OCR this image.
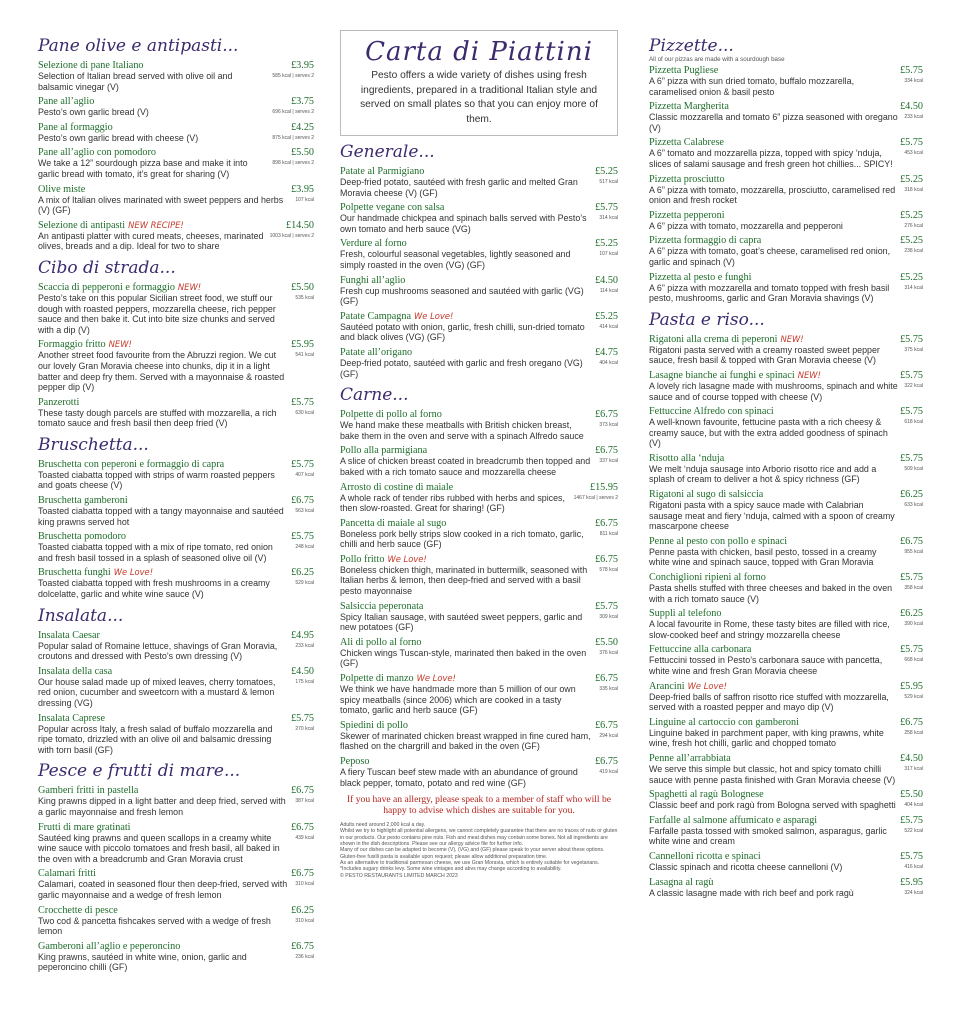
Pane olive e antipasti...
Selezione di pane Italiano	£3.95
Selection of Italian bread served with olive oil and balsamic vinegar (V)
585 kcal | serves 2
Pane all’aglio	£3.75
Pesto’s own garlic bread (V)	696 kcal | serves 2
Pane al formaggio	£4.25
Pesto’s own garlic bread with cheese (V)	875 kcal | serves 2
Pane all’aglio con pomodoro	£5.50
We take a 12” sourdough pizza base and make it into garlic bread with tomato, it’s great for sharing (V)
898 kcal | serves 2
Olive miste	£3.95
A mix of Italian olives marinated with sweet peppers and herbs (V) (GF)
107 kcal
Selezione di antipasti NEW RECIPE!	£14.50
An antipasti platter with cured meats, cheeses, marinated olives, breads and a dip. Ideal for two to share
1003 kcal | serves 2
Cibo di strada...
Scaccia di pepperoni e formaggio NEW!	£5.50
Pesto’s take on this popular Sicilian street food, we stuff our dough with roasted peppers, mozzarella cheese, rich pepper sauce and then bake it. Cut into bite size chunks and served with a dip (V)
535 kcal
Formaggio fritto NEW!	£5.95
Another street food favourite from the Abruzzi region. We cut our lovely Gran Moravia cheese into chunks, dip it in a light batter and deep fry them. Served with a mayonnaise & roasted pepper dip (V)
541 kcal
Panzerotti	£5.75
These tasty dough parcels are stuffed with mozzarella, a rich tomato sauce and fresh basil then deep fried (V)
630 kcal
Bruschetta...
Bruschetta con peperoni e formaggio di capra	£5.75
Toasted ciabatta topped with strips of warm roasted peppers and goats cheese (V)
407 kcal
Bruschetta gamberoni	£6.75
Toasted ciabatta topped with a tangy mayonnaise and sautéed king prawns served hot
563 kcal
Bruschetta pomodoro	£5.75
Toasted ciabatta topped with a mix of ripe tomato, red onion and fresh basil tossed in a splash of seasoned olive oil (V)
248 kcal
Bruschetta funghi We Love!	£6.25
Toasted ciabatta topped with fresh mushrooms in a creamy dolcelatte, garlic and white wine sauce (V)
529 kcal
Insalata...
Insalata Caesar	£4.95
Popular salad of Romaine lettuce, shavings of Gran Moravia, croutons and dressed with Pesto’s own dressing (V)
233 kcal
Insalata della casa	£4.50
Our house salad made up of mixed leaves, cherry tomatoes, red onion, cucumber and sweetcorn with a mustard & lemon dressing (VG)
175 kcal
Insalata Caprese	£5.75
Popular across Italy, a fresh salad of buffalo mozzarella and ripe tomato, drizzled with an olive oil and balsamic dressing with torn basil (GF)
270 kcal
Pesce e frutti di mare...
Gamberi fritti in pastella	£6.75
King prawns dipped in a light batter and deep fried, served with a garlic mayonnaise and fresh lemon
387 kcal
Frutti di mare gratinati	£6.75
Sautéed king prawns and queen scallops in a creamy white wine sauce with piccolo tomatoes and fresh basil, all baked in the oven with a breadcrumb and Gran Moravia crust
439 kcal
Calamari fritti	£6.75
Calamari, coated in seasoned flour then deep-fried, served with garlic mayonnaise and a wedge of fresh lemon
310 kcal
Crocchette di pesce	£6.25
Two cod & pancetta fishcakes served with a wedge of fresh lemon
310 kcal
Gamberoni all’aglio e peperoncino	£6.75
King prawns, sautéed in white wine, onion, garlic and peperoncino chilli (GF)
236 kcal
Carta di Piattini
Pesto offers a wide variety of dishes using fresh ingredients, prepared in a traditional Italian style and served on small plates so that you can enjoy more of them.
Generale...
Patate al Parmigiano	£5.25
Deep-fried potato, sautéed with fresh garlic and melted Gran Moravia cheese (V) (GF)
517 kcal
Polpette vegane con salsa	£5.75
Our handmade chickpea and spinach balls served with Pesto’s own tomato and herb sauce (VG)
314 kcal
Verdure al forno	£5.25
Fresh, colourful seasonal vegetables, lightly seasoned and simply roasted in the oven (VG) (GF)
107 kcal
Funghi all’aglio	£4.50
Fresh cup mushrooms seasoned and sautéed with garlic (VG) (GF)
114 kcal
Patate Campagna We Love!	£5.25
Sautéed potato with onion, garlic, fresh chilli, sun-dried tomato and black olives (VG) (GF)
414 kcal
Patate all’origano	£4.75
Deep-fried potato, sautéed with garlic and fresh oregano (VG) (GF)
404 kcal
Carne...
Polpette di pollo al forno	£6.75
We hand make these meatballs with British chicken breast, bake them in the oven and serve with a spinach Alfredo sauce
373 kcal
Pollo alla parmigiana	£6.75
A slice of chicken breast coated in breadcrumb then topped and baked with a rich tomato sauce and mozzarella cheese
337 kcal
Arrosto di costine di maiale	£15.95
A whole rack of tender ribs rubbed with herbs and spices, then slow-roasted. Great for sharing! (GF)
1467 kcal | serves 2
Pancetta di maiale al sugo	£6.75
Boneless pork belly strips slow cooked in a rich tomato, garlic, chilli and herb sauce (GF)
811 kcal
Pollo fritto We Love!	£6.75
Boneless chicken thigh, marinated in buttermilk, seasoned with Italian herbs & lemon, then deep-fried and served with a basil pesto mayonnaise
578 kcal
Salsiccia peperonata	£5.75
Spicy Italian sausage, with sautéed sweet peppers, garlic and new potatoes (GF)
309 kcal
Ali di pollo al forno	£5.50
Chicken wings Tuscan-style, marinated then baked in the oven (GF)
376 kcal
Polpette di manzo We Love!	£6.75
We think we have handmade more than 5 million of our own spicy meatballs (since 2006) which are cooked in a tasty tomato, garlic and herb sauce (GF)
335 kcal
Spiedini di pollo	£6.75
Skewer of marinated chicken breast wrapped in fine cured ham, flashed on the chargrill and baked in the oven (GF)
294 kcal
Peposo	£6.75
A fiery Tuscan beef stew made with an abundance of ground black pepper, tomato, potato and red wine (GF)
419 kcal
If you have an allergy, please speak to a member of staff who will be happy to advise which dishes are suitable for you.

Adults need around 2,000 kcal a day.

Whilst we try to highlight all potential allergens, we cannot completely guarantee that there are no traces of nuts or gluten in our products. Our pesto contains pine nuts. Fish and meat dishes may contain some bones. Not all ingredients are shown in the dish descriptions. Please see our allergy advice file for further info.

Many of our dishes can be adapted to become (V), (VG) and (GF) please speak to your server about these options.

Gluten-free fusilli pasta is available upon request; please allow additional preparation time.

As an alternative to traditional parmesan cheese, we use Gran Moravia, which is entirely suitable for vegetarians.

*Includes sugary drinks levy. Some wine vintages and abvs may change according to availability.

© PESTO RESTAURANTS LIMITED MARCH 2023

Pizzette...
All of our pizzas are made with a sourdough base
Pizzetta Pugliese	£5.75
A 6” pizza with sun dried tomato, buffalo mozzarella, caramelised onion & basil pesto
334 kcal
Pizzetta Margherita	£4.50
Classic mozzarella and tomato 6” pizza seasoned with oregano (V)
233 kcal
Pizzetta Calabrese	£5.75
A 6” tomato and mozzarella pizza, topped with spicy ‘nduja, slices of salami sausage and fresh green hot chillies... SPICY!
453 kcal
Pizzetta prosciutto	£5.25
A 6” pizza with tomato, mozzarella, prosciutto, caramelised red onion and fresh rocket
318 kcal
Pizzetta pepperoni	£5.25
A 6” pizza with tomato, mozzarella and pepperoni	276 kcal
Pizzetta formaggio di capra	£5.25
A 6” pizza with tomato, goat’s cheese, caramelised red onion, garlic and spinach (V)
238 kcal
Pizzetta al pesto e funghi	£5.25
A 6” pizza with mozzarella and tomato topped with fresh basil pesto, mushrooms, garlic and Gran Moravia shavings (V)
314 kcal
Pasta e riso...
Rigatoni alla crema di peperoni NEW!	£5.75
Rigatoni pasta served with a creamy roasted sweet pepper sauce, fresh basil & topped with Gran Moravia cheese (V)
375 kcal
Lasagne bianche ai funghi e spinaci NEW!	£5.75
A lovely rich lasagne made with mushrooms, spinach and white sauce and of course topped with cheese (V)
322 kcal
Fettuccine Alfredo con spinaci	£5.75
A well-known favourite, fettucine pasta with a rich cheesy & creamy sauce, but with the extra added goodness of spinach (V)
618 kcal
Risotto alla ‘nduja	£5.75
We melt ‘nduja sausage into Arborio risotto rice and add a splash of cream to deliver a hot & spicy richness (GF)
509 kcal
Rigatoni al sugo di salsiccia	£6.25
Rigatoni pasta with a spicy sauce made with Calabrian sausage meat and fiery ‘nduja, calmed with a spoon of creamy mascarpone cheese
633 kcal
Penne al pesto con pollo e spinaci	£6.75
Penne pasta with chicken, basil pesto, tossed in a creamy white wine and spinach sauce, topped with Gran Moravia
955 kcal
Conchiglioni ripieni al forno	£5.75
Pasta shells stuffed with three cheeses and baked in the oven with a rich tomato sauce (V)
358 kcal
Suppli al telefono	£6.25
A local favourite in Rome, these tasty bites are filled with rice, slow-cooked beef and stringy mozzarella cheese
390 kcal
Fettuccine alla carbonara	£5.75
Fettuccini tossed in Pesto’s carbonara sauce with pancetta, white wine and fresh Gran Moravia cheese
668 kcal
Arancini We Love!	£5.95
Deep-fried balls of saffron risotto rice stuffed with mozzarella, served with a roasted pepper and mayo dip (V)
529 kcal
Linguine al cartoccio con gamberoni	£6.75
Linguine baked in parchment paper, with king prawns, white wine, fresh hot chilli, garlic and chopped tomato
258 kcal
Penne all’arrabbiata	£4.50
We serve this simple but classic, hot and spicy tomato chilli sauce with penne pasta finished with Gran Moravia cheese (V)
317 kcal
Spaghetti al ragù Bolognese	£5.50
Classic beef and pork ragù from Bologna served with spaghetti	404 kcal
Farfalle al salmone affumicato e asparagi	£5.75
Farfalle pasta tossed with smoked salmon, asparagus, garlic white wine and cream
522 kcal
Cannelloni ricotta e spinaci	£5.75
Classic spinach and ricotta cheese cannelloni (V)	416 kcal
Lasagna al ragù	£5.95
A classic lasagne made with rich beef and pork ragù	324 kcal
